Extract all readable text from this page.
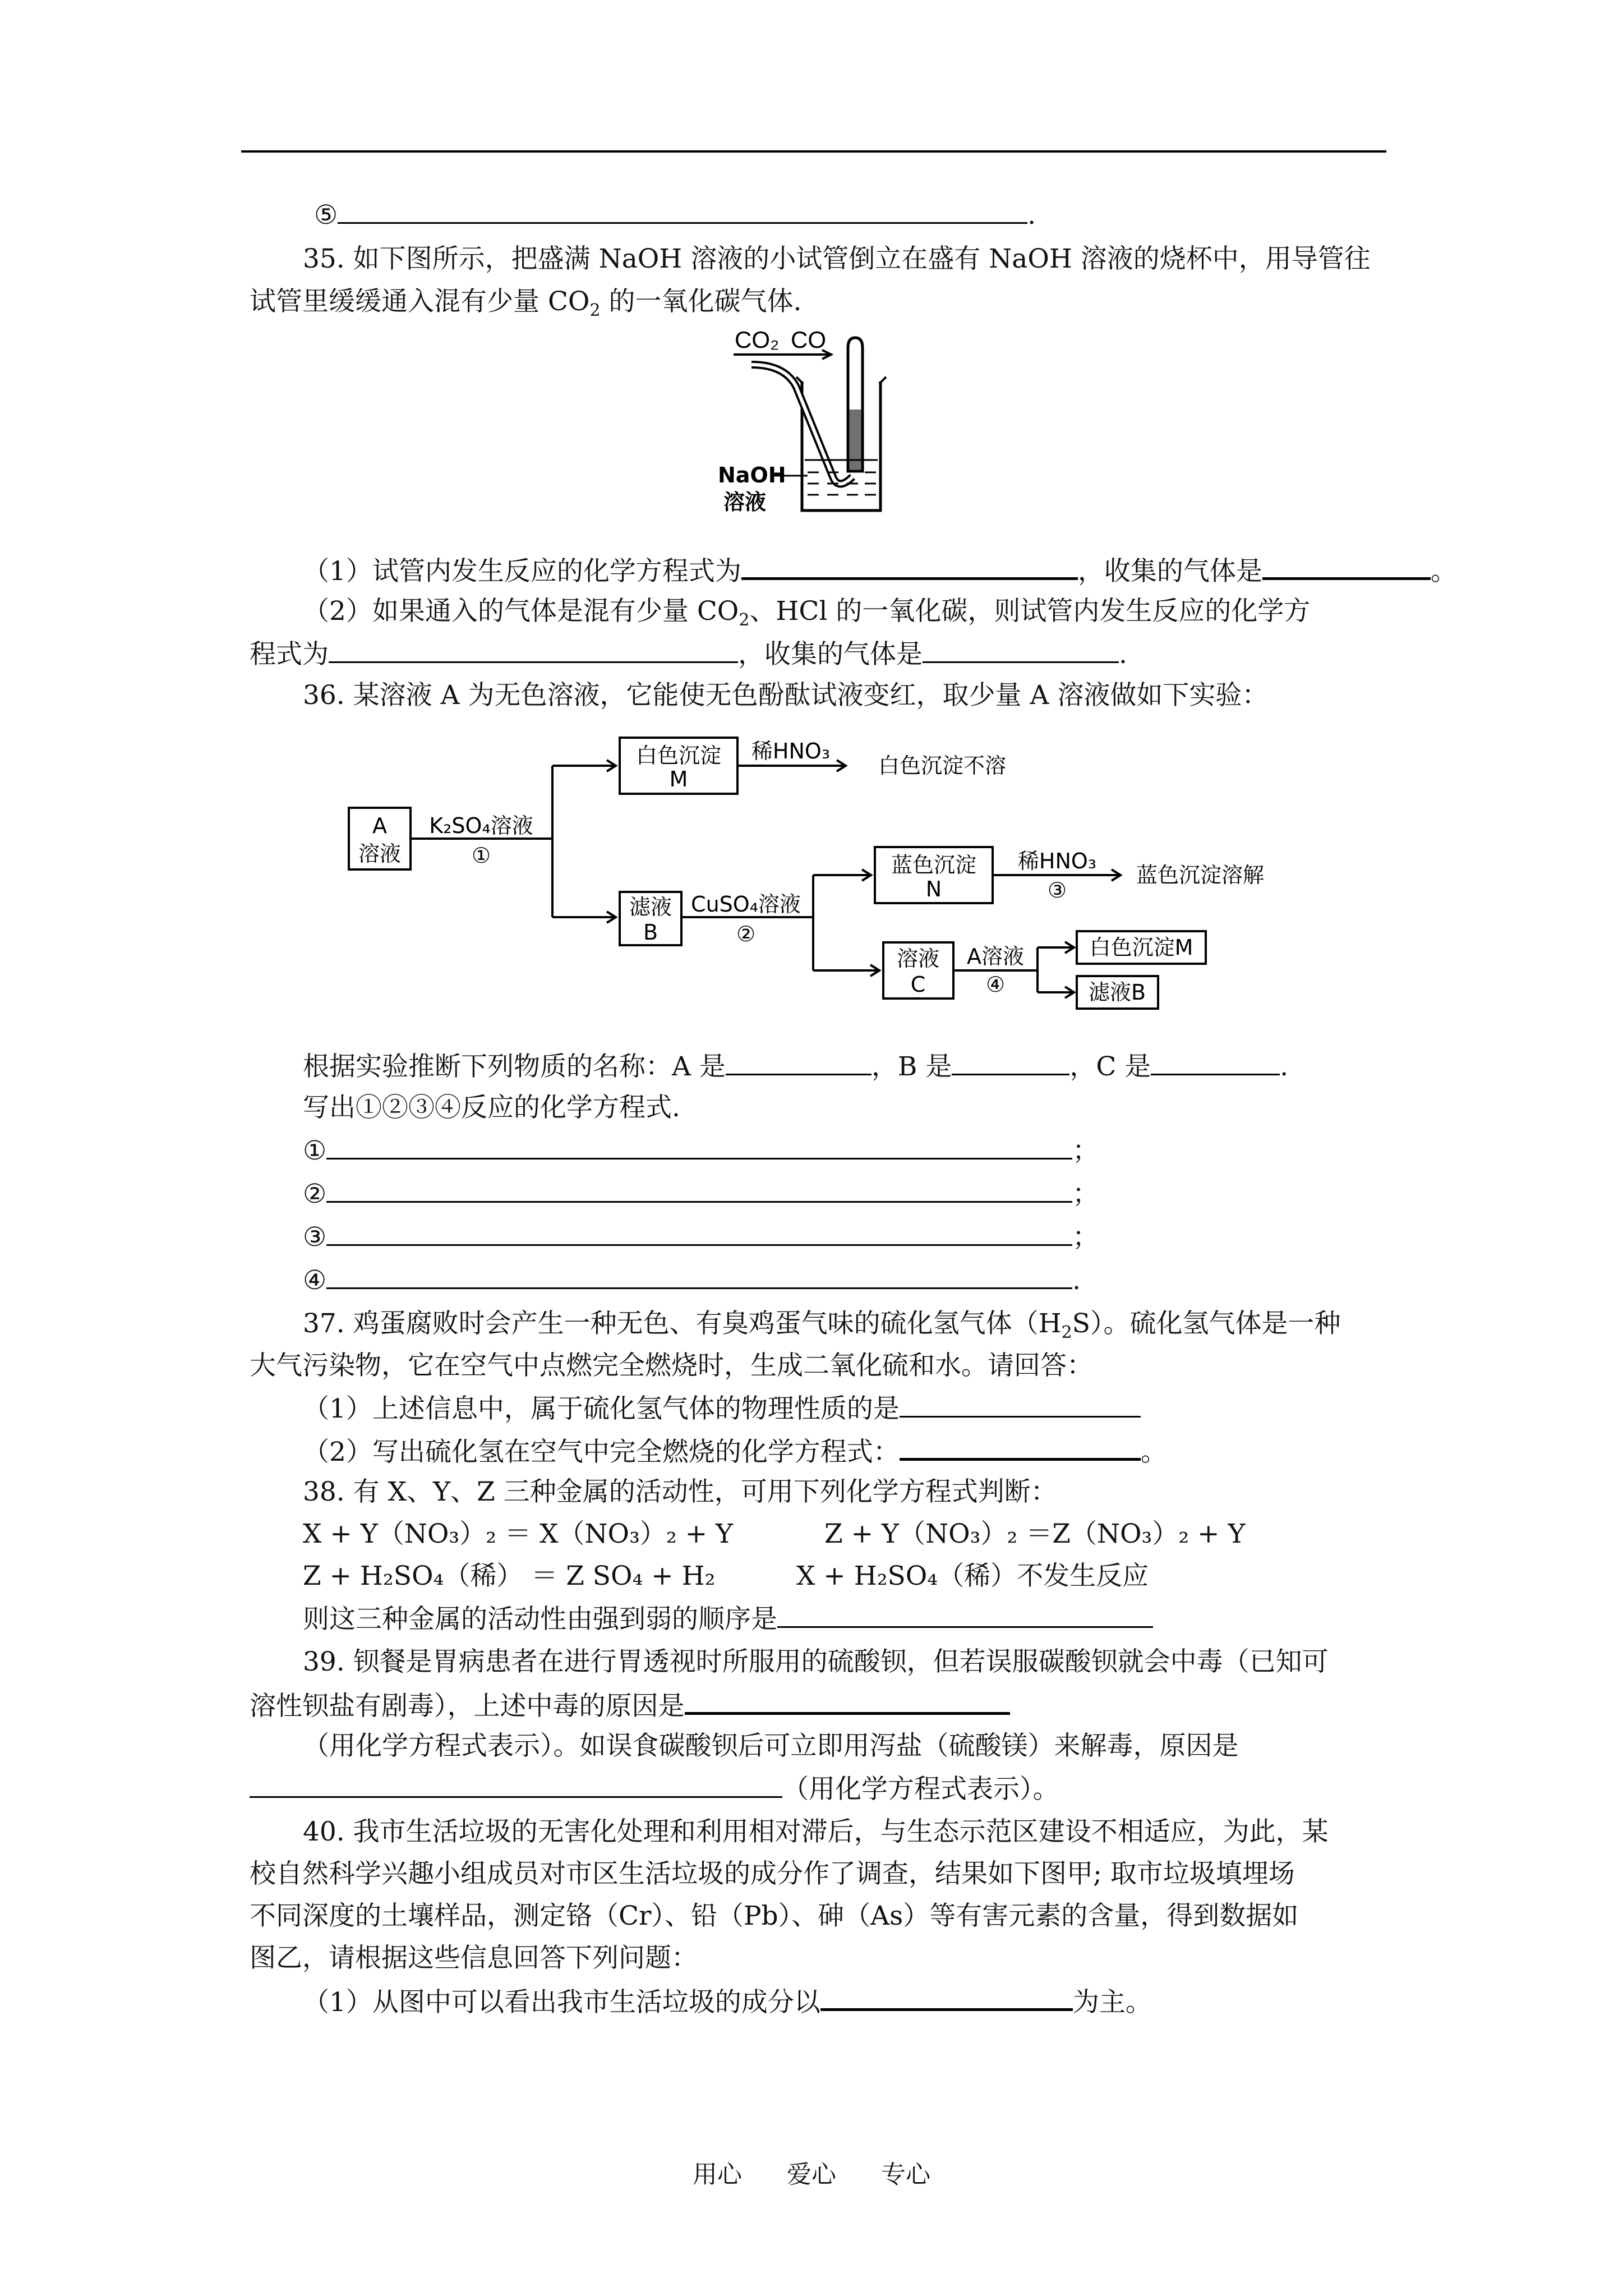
⑤	.
35. 如下图所示，把盛满 NaOH 溶液的小试管倒立在盛有 NaOH 溶液的烧杯中，用导管往
试管里缓缓通入混有少量 $CO_2$ 的一氧化碳气体.
CO₂ CO
NaOH
溶液
（1）试管内发生反应的化学方程式为	，收集的气体是	。
（2）如果通入的气体是混有少量 $CO_2$、HCl 的一氧化碳，则试管内发生反应的化学方
程式为	，收集的气体是	.
36. 某溶液 A 为无色溶液，它能使无色酚酞试液变红，取少量 A 溶液做如下实验：
A
溶液
K₂SO₄溶液
①
白色沉淀
M
稀HNO₃
白色沉淀不溶
滤液
B
CuSO₄溶液
②
蓝色沉淀
N
稀HNO₃
③
蓝色沉淀溶解
溶液
C
A溶液
④
白色沉淀M
滤液B
根据实验推断下列物质的名称：A 是	，B 是	，C 是	.
写出①②③④反应的化学方程式.
①	；
②	；
③	；
④	.
37. 鸡蛋腐败时会产生一种无色、有臭鸡蛋气味的硫化氢气体$(H_2S)$。硫化氢气体是一种
大气污染物，它在空气中点燃完全燃烧时，生成二氧化硫和水。请回答：
（1）上述信息中，属于硫化氢气体的物理性质的是
（2）写出硫化氢在空气中完全燃烧的化学方程式：	。
38. 有 X、Y、Z 三种金属的活动性，可用下列化学方程式判断：
X + Y（NO₃）₂ ＝ X（NO₃）₂ + Y	Z + Y（NO₃）₂ ＝Z（NO₃）₂ + Y
Z + H₂SO₄（稀） ＝ Z SO₄ + H₂	X + H₂SO₄（稀）不发生反应
则这三种金属的活动性由强到弱的顺序是
39. 钡餐是胃病患者在进行胃透视时所服用的硫酸钡，但若误服碳酸钡就会中毒（已知可
溶性钡盐有剧毒），上述中毒的原因是
（用化学方程式表示）。如误食碳酸钡后可立即用泻盐（硫酸镁）来解毒，原因是
（用化学方程式表示）。
40. 我市生活垃圾的无害化处理和利用相对滞后，与生态示范区建设不相适应，为此，某
校自然科学兴趣小组成员对市区生活垃圾的成分作了调查，结果如下图甲; 取市垃圾填埋场
不同深度的土壤样品，测定铬（Cr）、铅（Pb）、砷（As）等有害元素的含量，得到数据如
图乙，请根据这些信息回答下列问题：
（1）从图中可以看出我市生活垃圾的成分以	为主。
用心 爱心 专心
